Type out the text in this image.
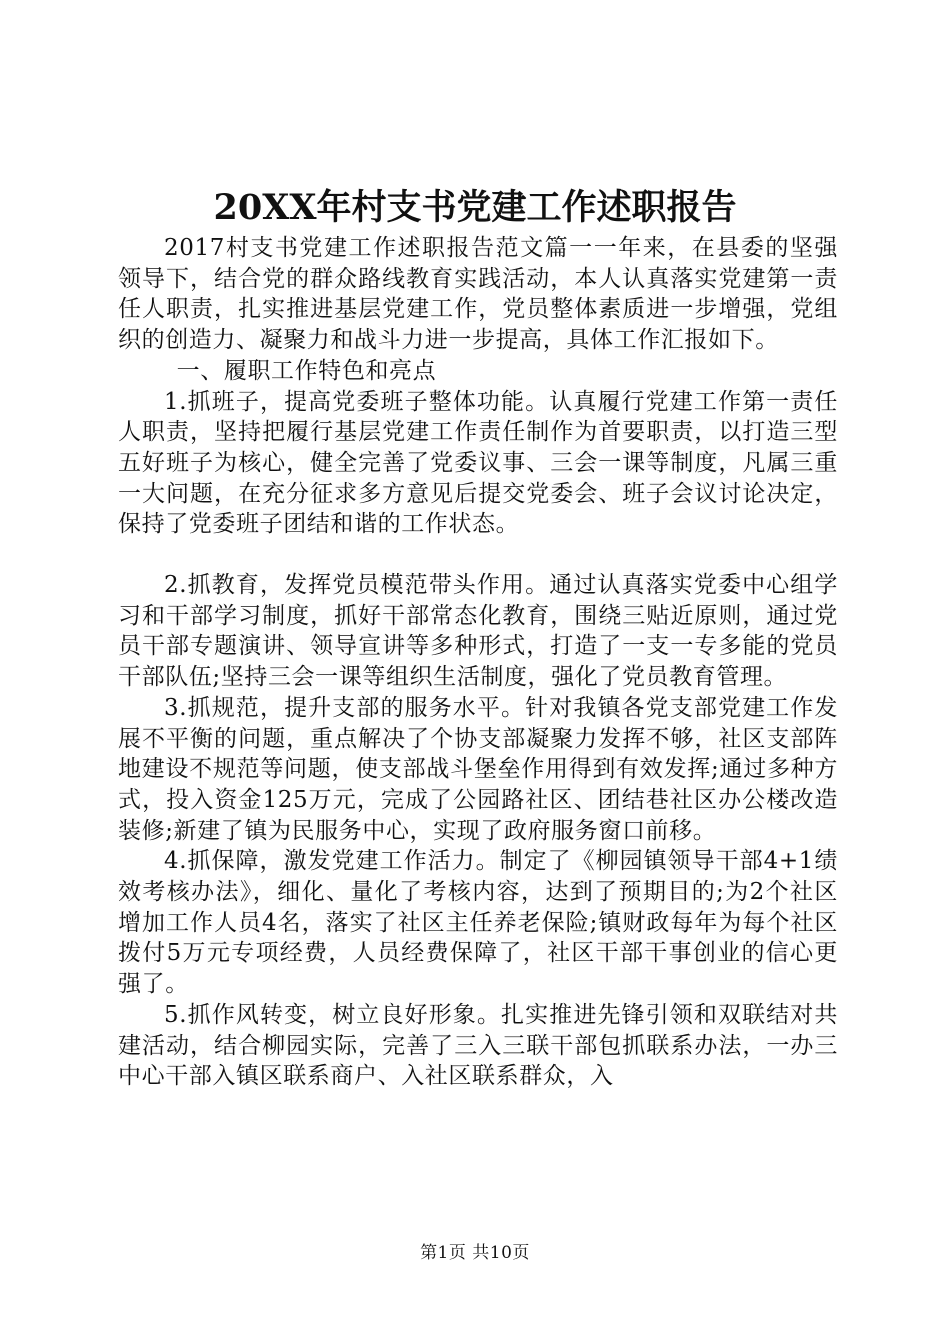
20XX年村支书党建工作述职报告

2017村支书党建工作述职报告范文篇一一年来，在县委的坚强领导下，结合党的群众路线教育实践活动，本人认真落实党建第一责任人职责，扎实推进基层党建工作，党员整体素质进一步增强，党组织的创造力、凝聚力和战斗力进一步提高，具体工作汇报如下。

一、履职工作特色和亮点

1.抓班子，提高党委班子整体功能。认真履行党建工作第一责任人职责，坚持把履行基层党建工作责任制作为首要职责，以打造三型五好班子为核心，健全完善了党委议事、三会一课等制度，凡属三重一大问题，在充分征求多方意见后提交党委会、班子会议讨论决定，保持了党委班子团结和谐的工作状态。

2.抓教育，发挥党员模范带头作用。通过认真落实党委中心组学习和干部学习制度，抓好干部常态化教育，围绕三贴近原则，通过党员干部专题演讲、领导宣讲等多种形式，打造了一支一专多能的党员干部队伍;坚持三会一课等组织生活制度，强化了党员教育管理。

3.抓规范，提升支部的服务水平。针对我镇各党支部党建工作发展不平衡的问题，重点解决了个协支部凝聚力发挥不够，社区支部阵地建设不规范等问题，使支部战斗堡垒作用得到有效发挥;通过多种方式，投入资金125万元，完成了公园路社区、团结巷社区办公楼改造装修;新建了镇为民服务中心，实现了政府服务窗口前移。

4.抓保障，激发党建工作活力。制定了《柳园镇领导干部4+1绩效考核办法》，细化、量化了考核内容，达到了预期目的;为2个社区增加工作人员4名，落实了社区主任养老保险;镇财政每年为每个社区拨付5万元专项经费，人员经费保障了，社区干部干事创业的信心更强了。

5.抓作风转变，树立良好形象。扎实推进先锋引领和双联结对共建活动，结合柳园实际，完善了三入三联干部包抓联系办法，一办三中心干部入镇区联系商户、入社区联系群众，入

第1页 共10页
